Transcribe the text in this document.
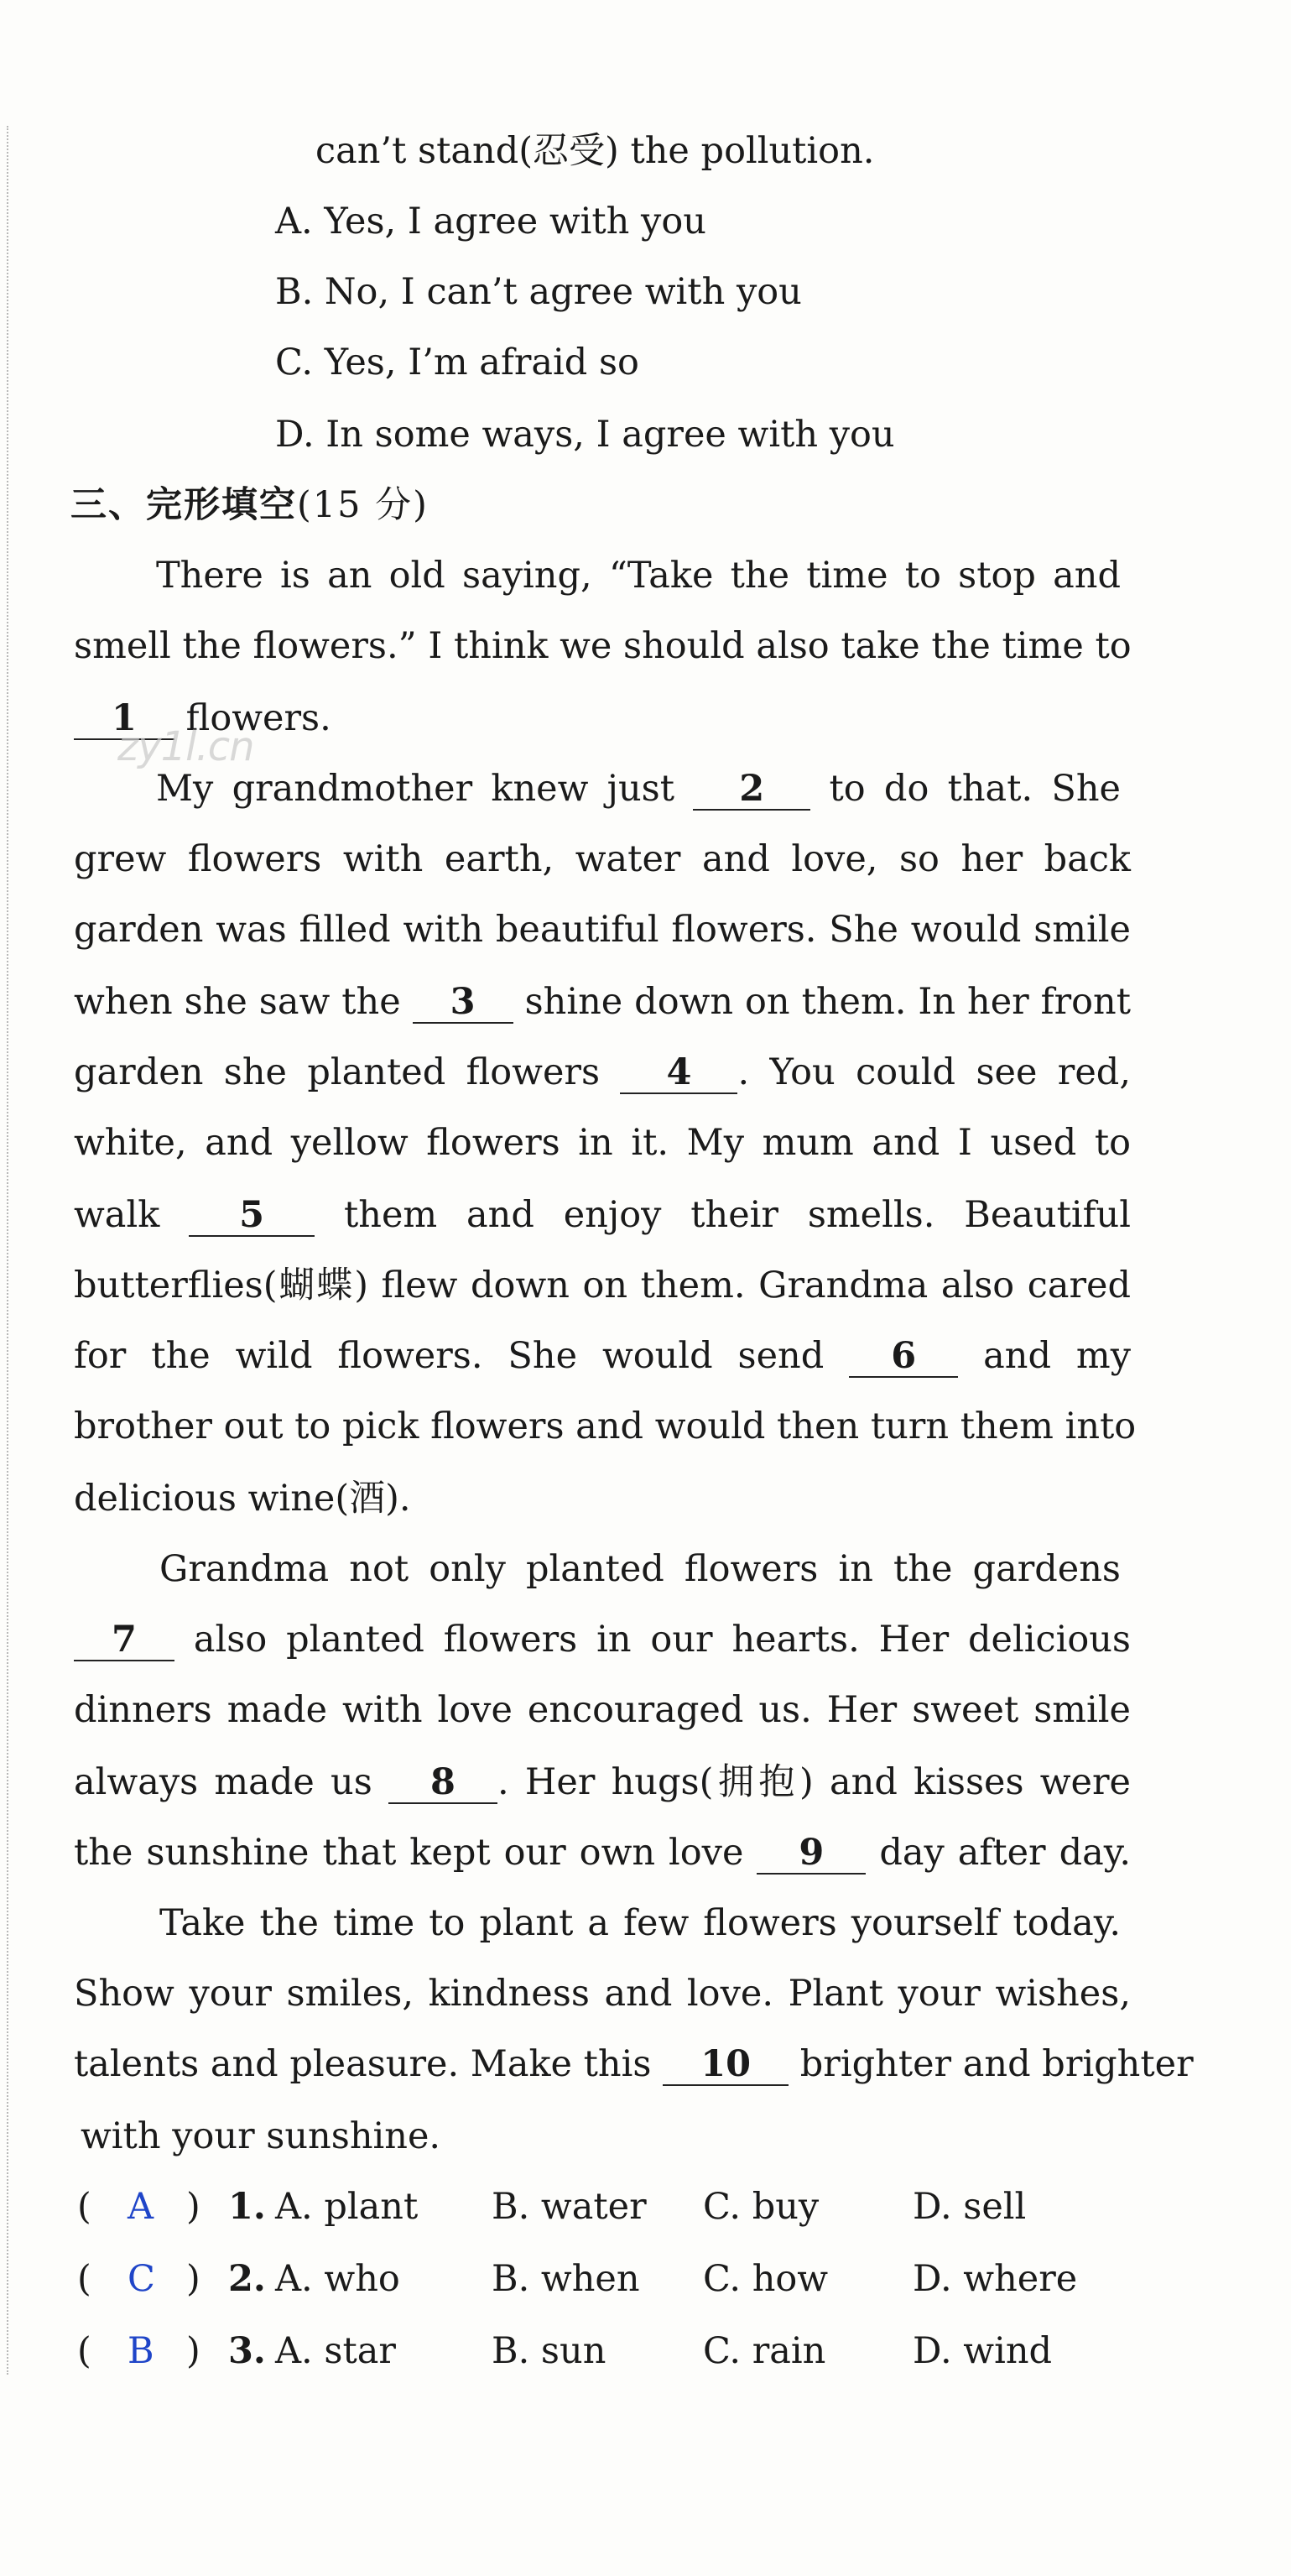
can’t stand(忍受) the pollution.
A. Yes, I agree with you
B. No, I can’t agree with you
C. Yes, I’m afraid so
D. In some ways, I agree with you
三、完形填空(15 分)
There is an old saying, “Take the time to stop and
smell the flowers.” I think we should also take the time to
1 flowers.
My grandmother knew just 2 to do that. She
grew flowers with earth, water and love, so her back
garden was filled with beautiful flowers. She would smile
when she saw the 3 shine down on them. In her front
garden she planted flowers 4 . You could see red,
white, and yellow flowers in it. My mum and I used to
walk 5 them and enjoy their smells. Beautiful
butterflies(蝴蝶) flew down on them. Grandma also cared
for the wild flowers. She would send 6 and my
brother out to pick flowers and would then turn them into
delicious wine(酒).
Grandma not only planted flowers in the gardens
7 also planted flowers in our hearts. Her delicious
dinners made with love encouraged us. Her sweet smile
always made us 8 . Her hugs(拥抱) and kisses were
the sunshine that kept our own love 9 day after day.
Take the time to plant a few flowers yourself today.
Show your smiles, kindness and love. Plant your wishes,
talents and pleasure. Make this 10 brighter and brighter
with your sunshine.
( A ) 1. A. plant B. water C. buy	D. sell
( C ) 2. A. who	B. when C. how D. where
( B ) 3. A. star	B. sun	C. rain D. wind
zy1l.cn
